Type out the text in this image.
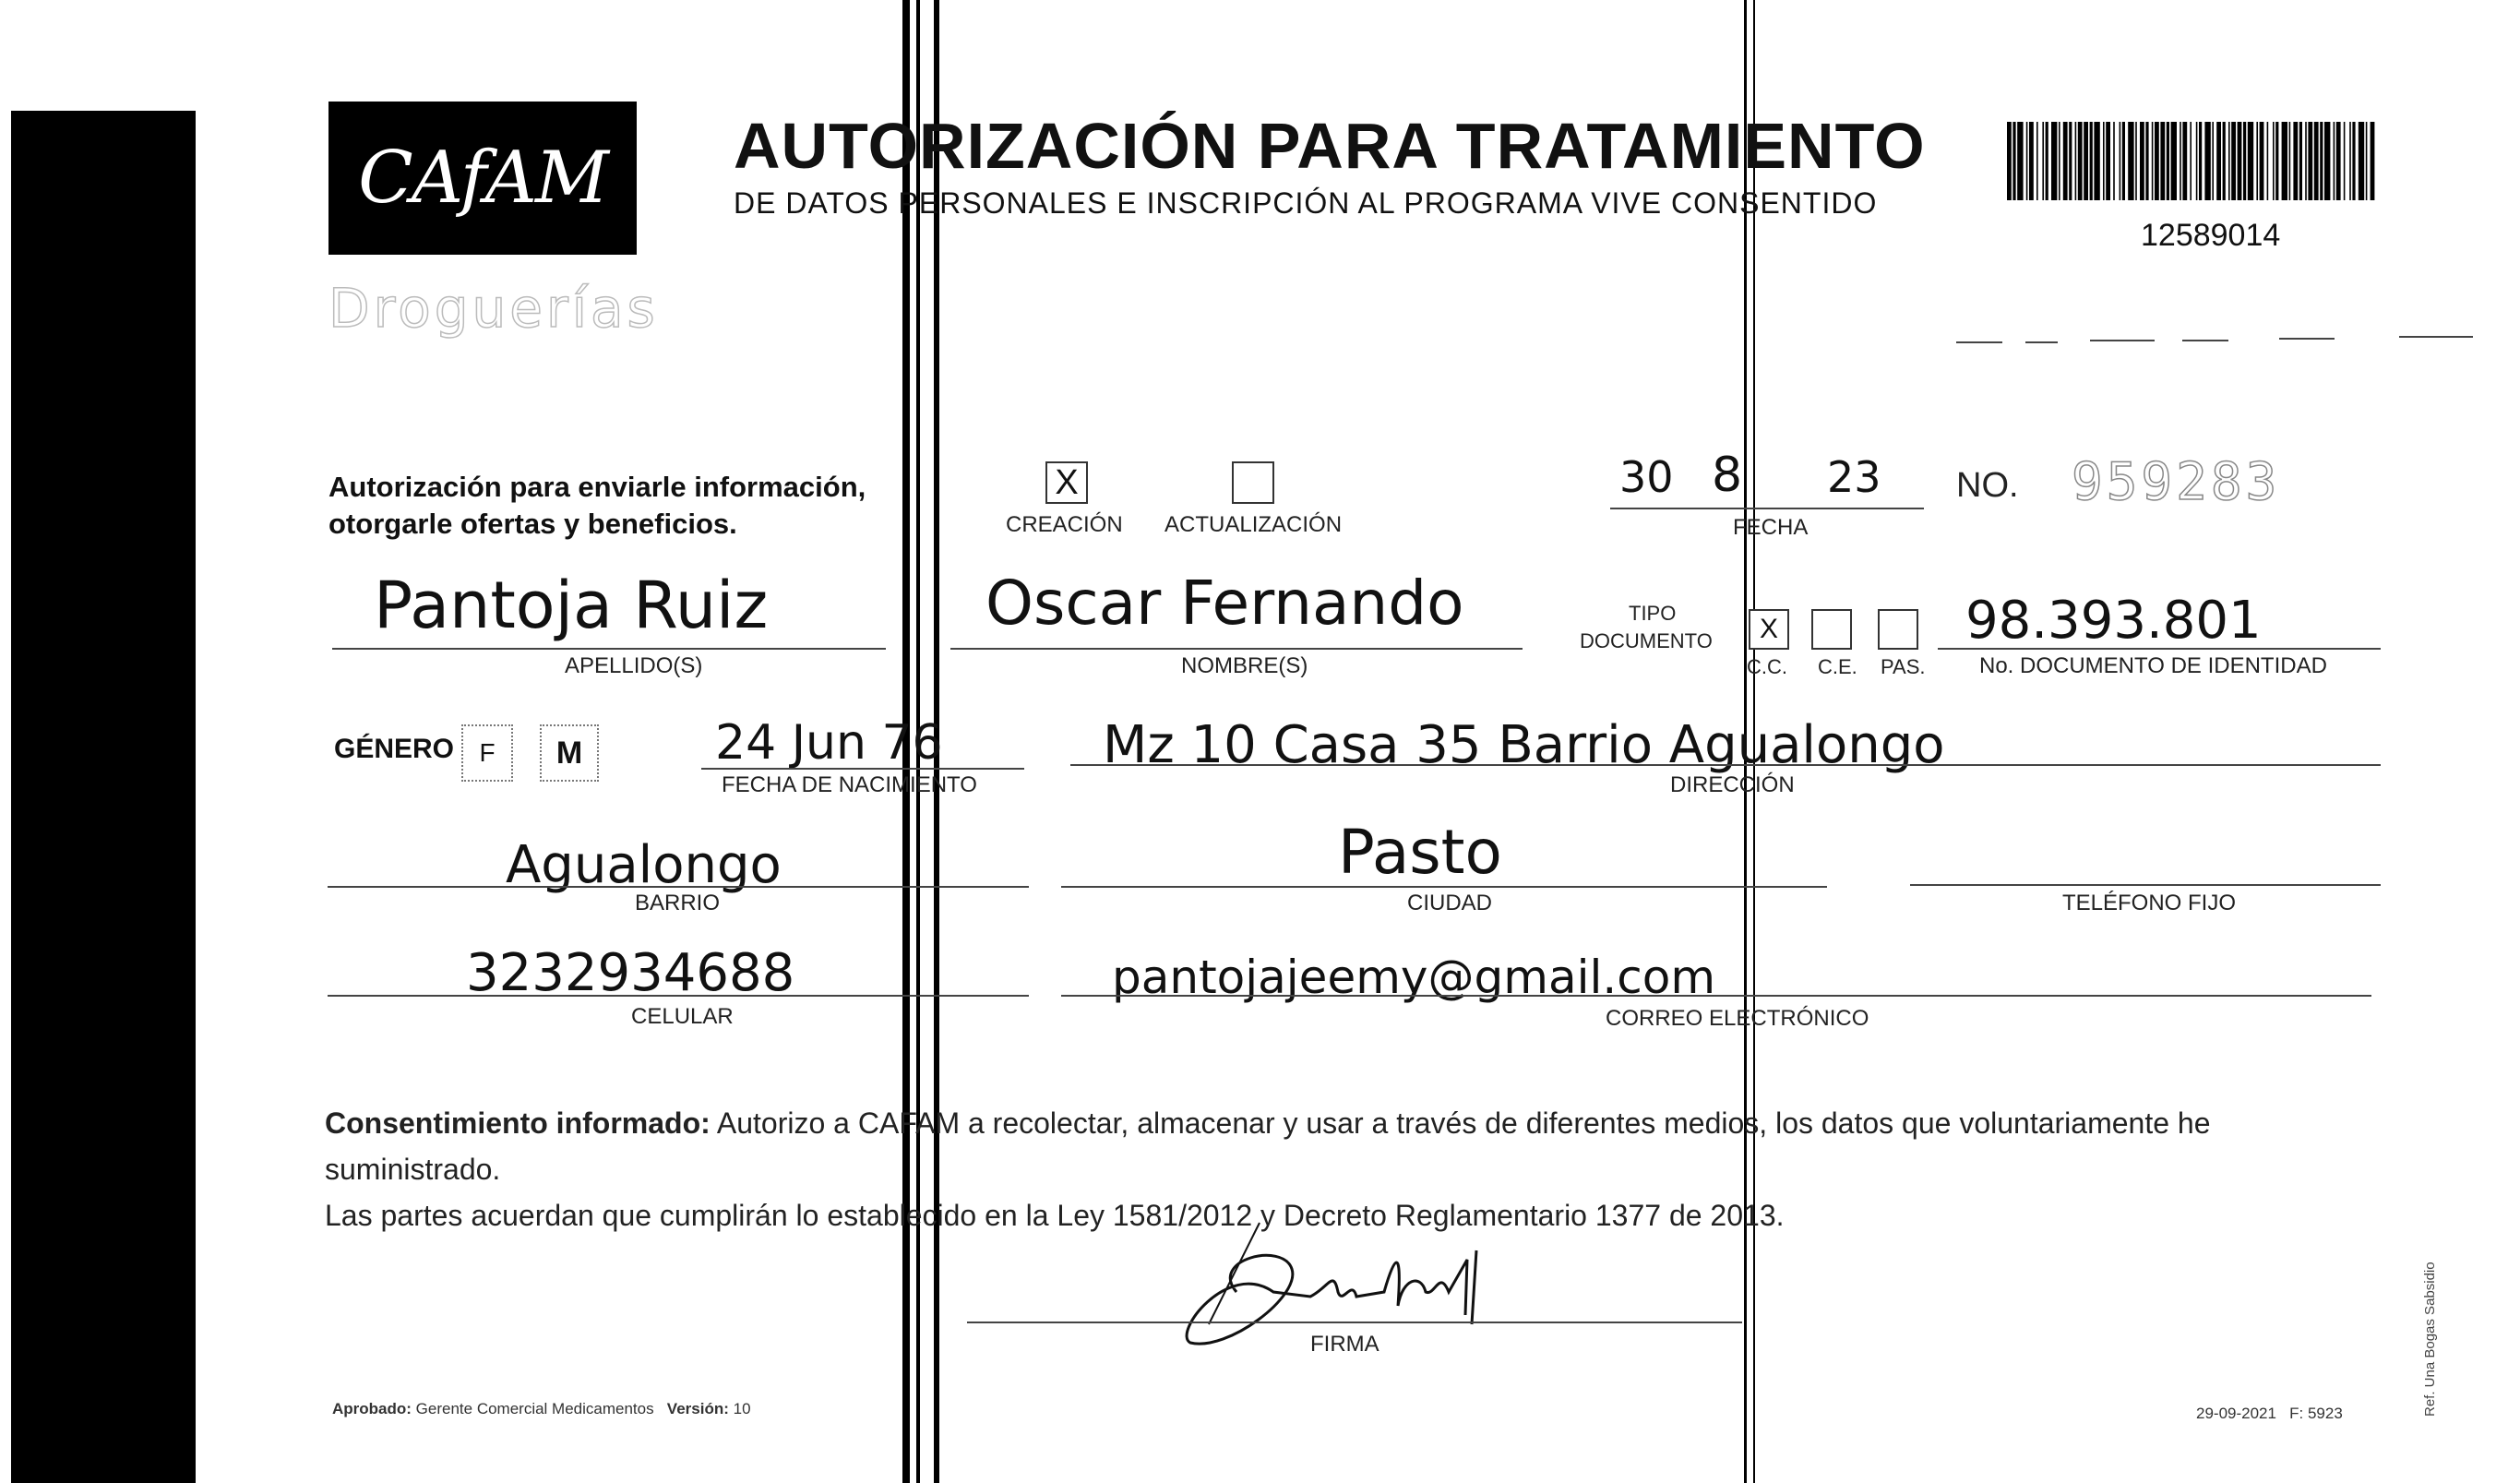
CAfAM
Droguerías
AUTORIZACIÓN PARA TRATAMIENTO
DE DATOS PERSONALES E INSCRIPCIÓN AL PROGRAMA VIVE CONSENTIDO
12589014
Autorización para enviarle información,
otorgarle ofertas y beneficios.
X
CREACIÓN ACTUALIZACIÓN
30 8 23
FECHA
NO. 959283
Pantoja Ruiz
APELLIDO(S)
Oscar Fernando
NOMBRE(S)
TIPO
DOCUMENTO	X
C.C. C.E. PAS.
98.393.801
No. DOCUMENTO DE IDENTIDAD
GÉNERO F	M	24 Jun 76
FECHA DE NACIMIENTO
Mz 10 Casa 35 Barrio Agualongo
DIRECCIÓN
Agualongo
BARRIO
Pasto
CIUDAD	TELÉFONO FIJO
3232934688
CELULAR
pantojajeemy@gmail.com
CORREO ELECTRÓNICO
Consentimiento informado: Autorizo a CAFAM a recolectar, almacenar y usar a través de diferentes medios, los datos que voluntariamente he suministrado.
Las partes acuerdan que cumplirán lo establecido en la Ley 1581/2012 y Decreto Reglamentario 1377 de 2013.
FIRMA
Aprobado: Gerente Comercial Medicamentos Versión: 10	29-09-2021 F: 5923	Ref. Una Bogas Sabsidio
